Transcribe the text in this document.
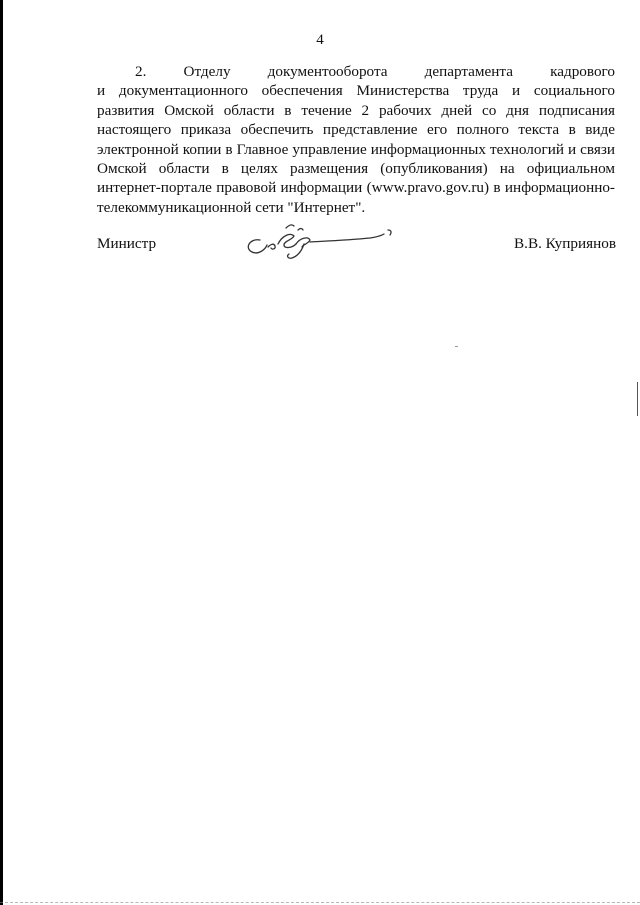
4
2. Отделу документооборота департамента кадрового
и документационного обеспечения Министерства труда и социального
развития Омской области в течение 2 рабочих дней со дня подписания
настоящего приказа обеспечить представление его полного текста в виде
электронной копии в Главное управление информационных технологий и связи
Омской области в целях размещения (опубликования) на официальном
интернет-портале правовой информации (www.pravo.gov.ru) в информационно-
телекоммуникационной сети "Интернет".
Министр	В.В. Куприянов
